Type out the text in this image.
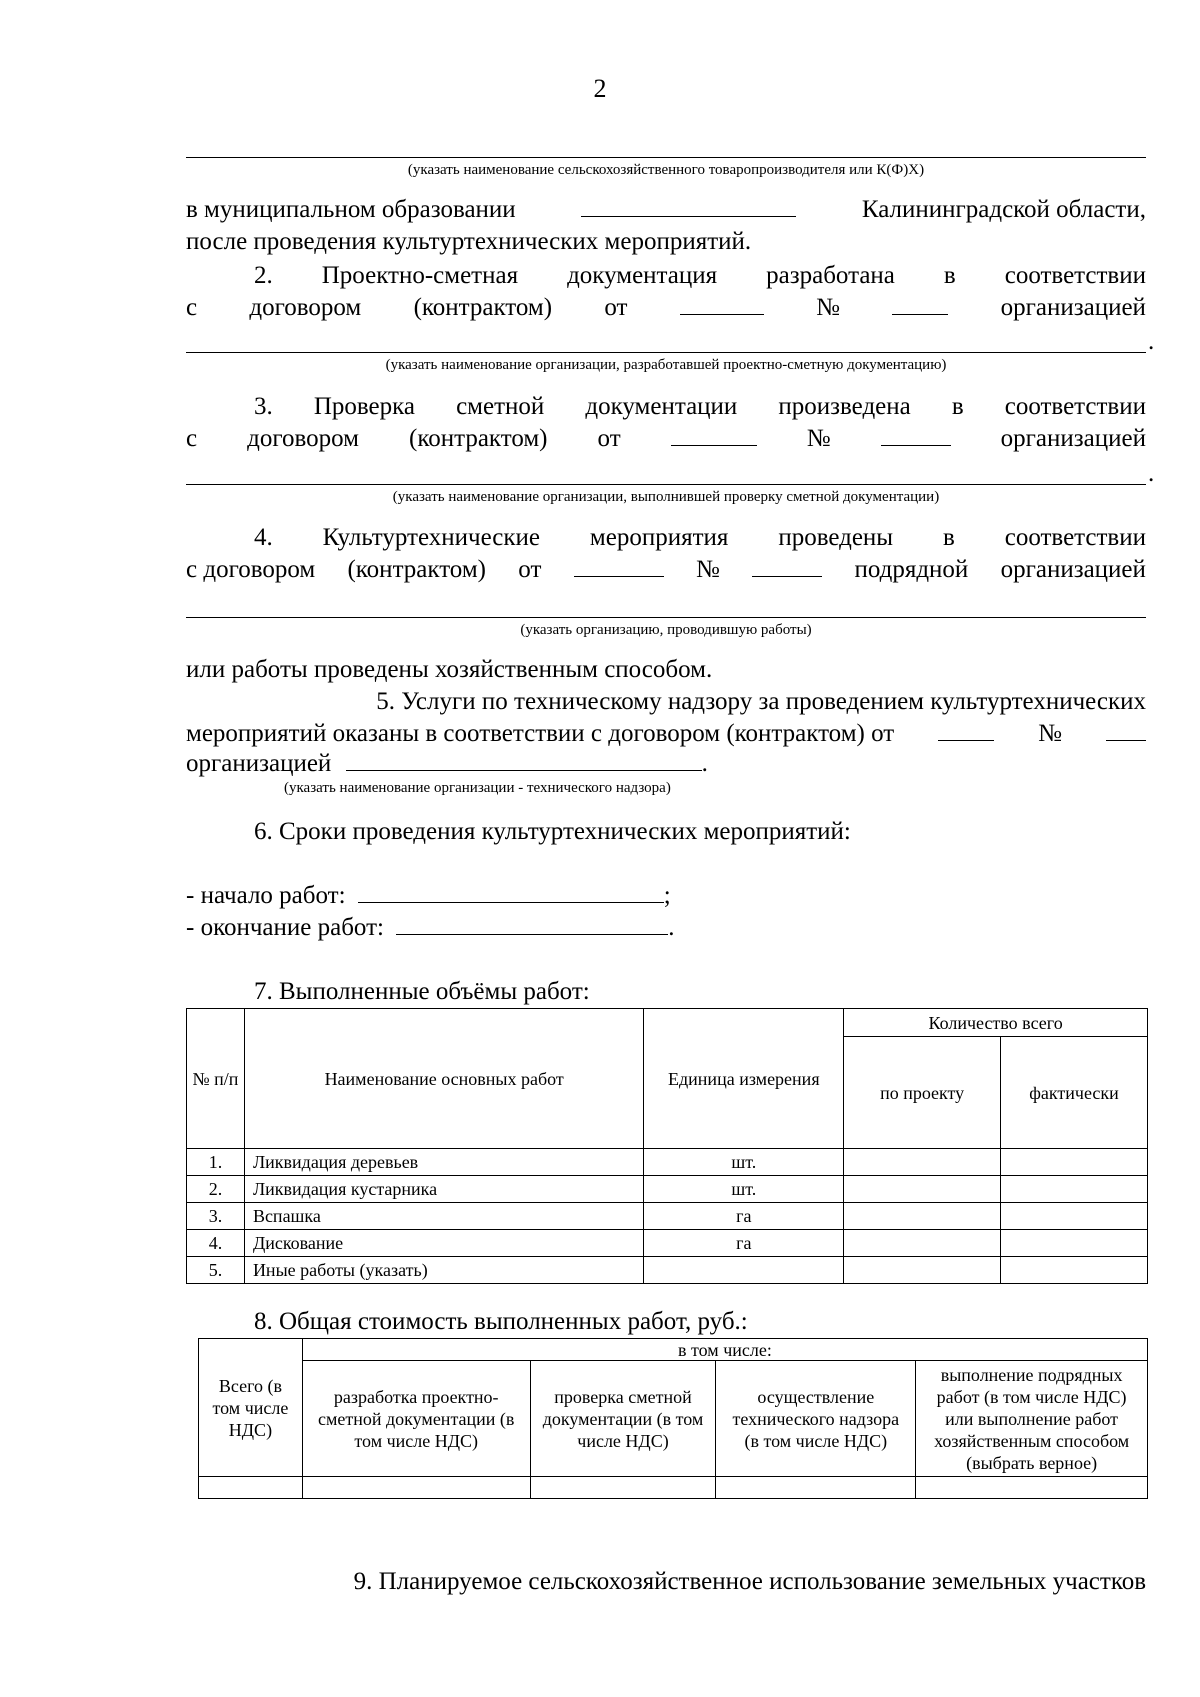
2
(указать наименование сельскохозяйственного товаропроизводителя или К(Ф)Х)
в муниципальном образовании	Калининградской области,
после проведения культуртехнических мероприятий.
2. Проектно-сметная документация разработана в соответствии
с договором (контрактом) от	№	организацией
.
(указать наименование организации, разработавшей проектно-сметную документацию)
3. Проверка сметной документации произведена в соответствии
с договором (контрактом) от	№	организацией
.
(указать наименование организации, выполнившей проверку сметной документации)
4. Культуртехнические мероприятия проведены в соответствии
с договором (контрактом) от	№	подрядной организацией
(указать организацию, проводившую работы)
или работы проведены хозяйственным способом.
5. Услуги по техническому надзору за проведением культуртехнических
мероприятий оказаны в соответствии с договором (контрактом) от	№
организацией	.
(указать наименование организации - технического надзора)
6. Сроки проведения культуртехнических мероприятий:
- начало работ:	;
- окончание работ:	.
7. Выполненные объёмы работ:
№ п/п	Наименование основных работ	Единица измерения	Количество всего	
			по проекту	фактически
1.	Ликвидация деревьев	шт.		
2.	Ликвидация кустарника	шт.		
3.	Вспашка	га		
4.	Дискование	га		
5.	Иные работы (указать)			
8. Общая стоимость выполненных работ, руб.:
Всего (в том числе НДС)	в том числе:			
	разработка проектно-сметной документации (в том числе НДС)	проверка сметной документации (в том числе НДС)	осуществление технического надзора (в том числе НДС)	выполнение подрядных работ (в том числе НДС) или выполнение работ хозяйственным способом (выбрать верное)

9. Планируемое сельскохозяйственное использование земельных участков
